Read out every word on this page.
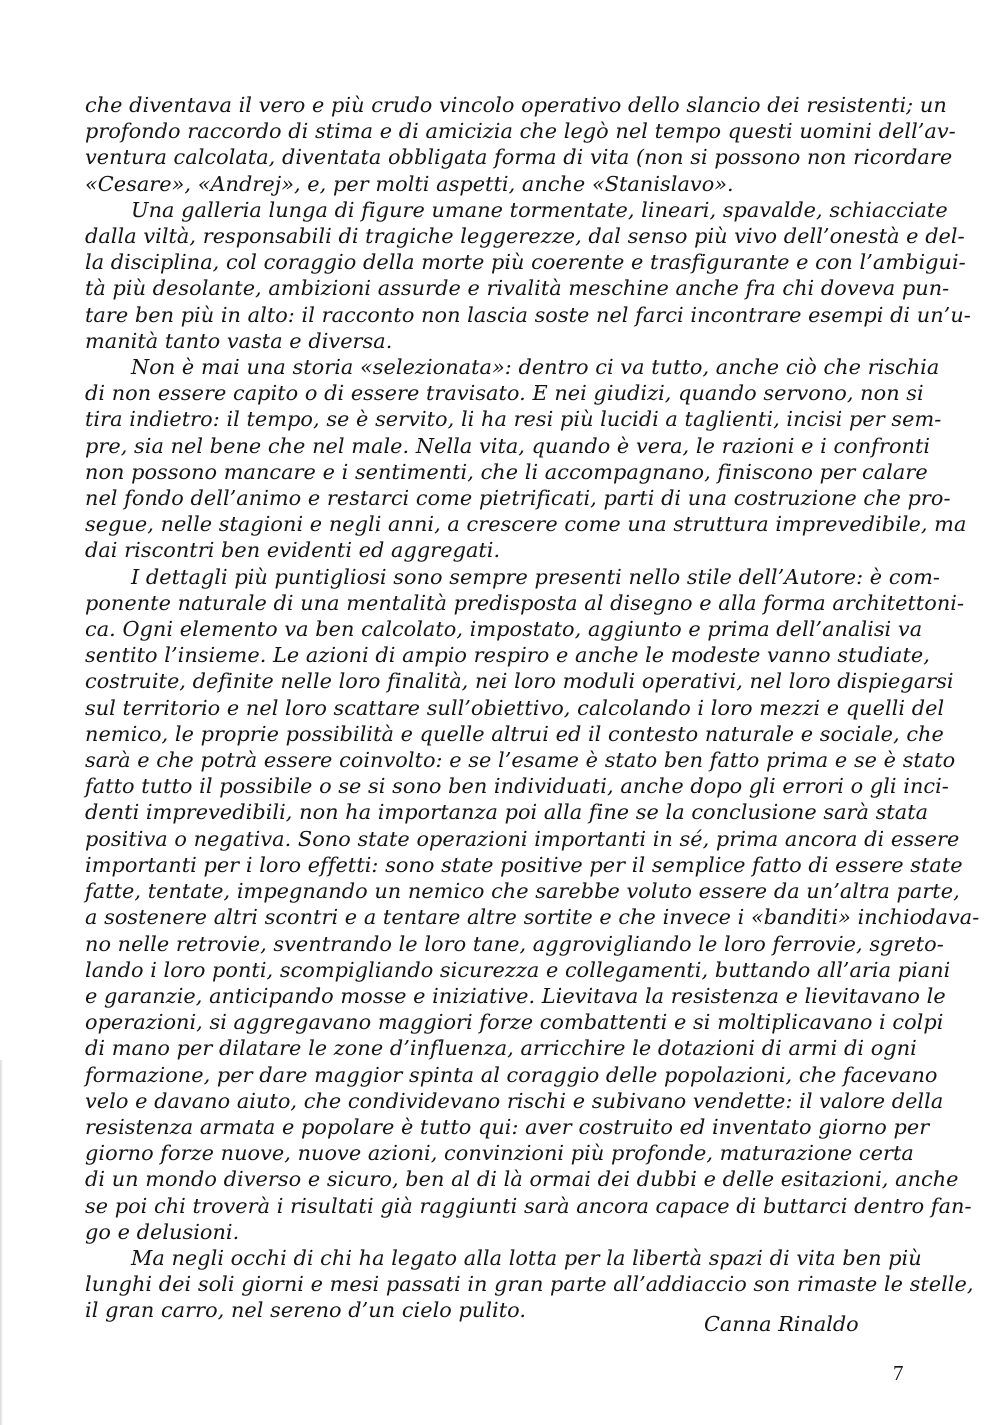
che diventava il vero e più crudo vincolo operativo dello slancio dei resistenti; un
profondo raccordo di stima e di amicizia che legò nel tempo questi uomini dell’av-
ventura calcolata, diventata obbligata forma di vita (non si possono non ricordare
«Cesare», «Andrej», e, per molti aspetti, anche «Stanislavo».
Una galleria lunga di figure umane tormentate, lineari, spavalde, schiacciate
dalla viltà, responsabili di tragiche leggerezze, dal senso più vivo dell’onestà e del-
la disciplina, col coraggio della morte più coerente e trasfigurante e con l’ambigui-
tà più desolante, ambizioni assurde e rivalità meschine anche fra chi doveva pun-
tare ben più in alto: il racconto non lascia soste nel farci incontrare esempi di un’u-
manità tanto vasta e diversa.
Non è mai una storia «selezionata»: dentro ci va tutto, anche ciò che rischia
di non essere capito o di essere travisato. E nei giudizi, quando servono, non si
tira indietro: il tempo, se è servito, li ha resi più lucidi a taglienti, incisi per sem-
pre, sia nel bene che nel male. Nella vita, quando è vera, le razioni e i confronti
non possono mancare e i sentimenti, che li accompagnano, finiscono per calare
nel fondo dell’animo e restarci come pietrificati, parti di una costruzione che pro-
segue, nelle stagioni e negli anni, a crescere come una struttura imprevedibile, ma
dai riscontri ben evidenti ed aggregati.
I dettagli più puntigliosi sono sempre presenti nello stile dell’Autore: è com-
ponente naturale di una mentalità predisposta al disegno e alla forma architettoni-
ca. Ogni elemento va ben calcolato, impostato, aggiunto e prima dell’analisi va
sentito l’insieme. Le azioni di ampio respiro e anche le modeste vanno studiate,
costruite, definite nelle loro finalità, nei loro moduli operativi, nel loro dispiegarsi
sul territorio e nel loro scattare sull’obiettivo, calcolando i loro mezzi e quelli del
nemico, le proprie possibilità e quelle altrui ed il contesto naturale e sociale, che
sarà e che potrà essere coinvolto: e se l’esame è stato ben fatto prima e se è stato
fatto tutto il possibile o se si sono ben individuati, anche dopo gli errori o gli inci-
denti imprevedibili, non ha importanza poi alla fine se la conclusione sarà stata
positiva o negativa. Sono state operazioni importanti in sé, prima ancora di essere
importanti per i loro effetti: sono state positive per il semplice fatto di essere state
fatte, tentate, impegnando un nemico che sarebbe voluto essere da un’altra parte,
a sostenere altri scontri e a tentare altre sortite e che invece i «banditi» inchiodava-
no nelle retrovie, sventrando le loro tane, aggrovigliando le loro ferrovie, sgreto-
lando i loro ponti, scompigliando sicurezza e collegamenti, buttando all’aria piani
e garanzie, anticipando mosse e iniziative. Lievitava la resistenza e lievitavano le
operazioni, si aggregavano maggiori forze combattenti e si moltiplicavano i colpi
di mano per dilatare le zone d’influenza, arricchire le dotazioni di armi di ogni
formazione, per dare maggior spinta al coraggio delle popolazioni, che facevano
velo e davano aiuto, che condividevano rischi e subivano vendette: il valore della
resistenza armata e popolare è tutto qui: aver costruito ed inventato giorno per
giorno forze nuove, nuove azioni, convinzioni più profonde, maturazione certa
di un mondo diverso e sicuro, ben al di là ormai dei dubbi e delle esitazioni, anche
se poi chi troverà i risultati già raggiunti sarà ancora capace di buttarci dentro fan-
go e delusioni.
Ma negli occhi di chi ha legato alla lotta per la libertà spazi di vita ben più
lunghi dei soli giorni e mesi passati in gran parte all’addiaccio son rimaste le stelle,
il gran carro, nel sereno d’un cielo pulito.
Canna Rinaldo
7
